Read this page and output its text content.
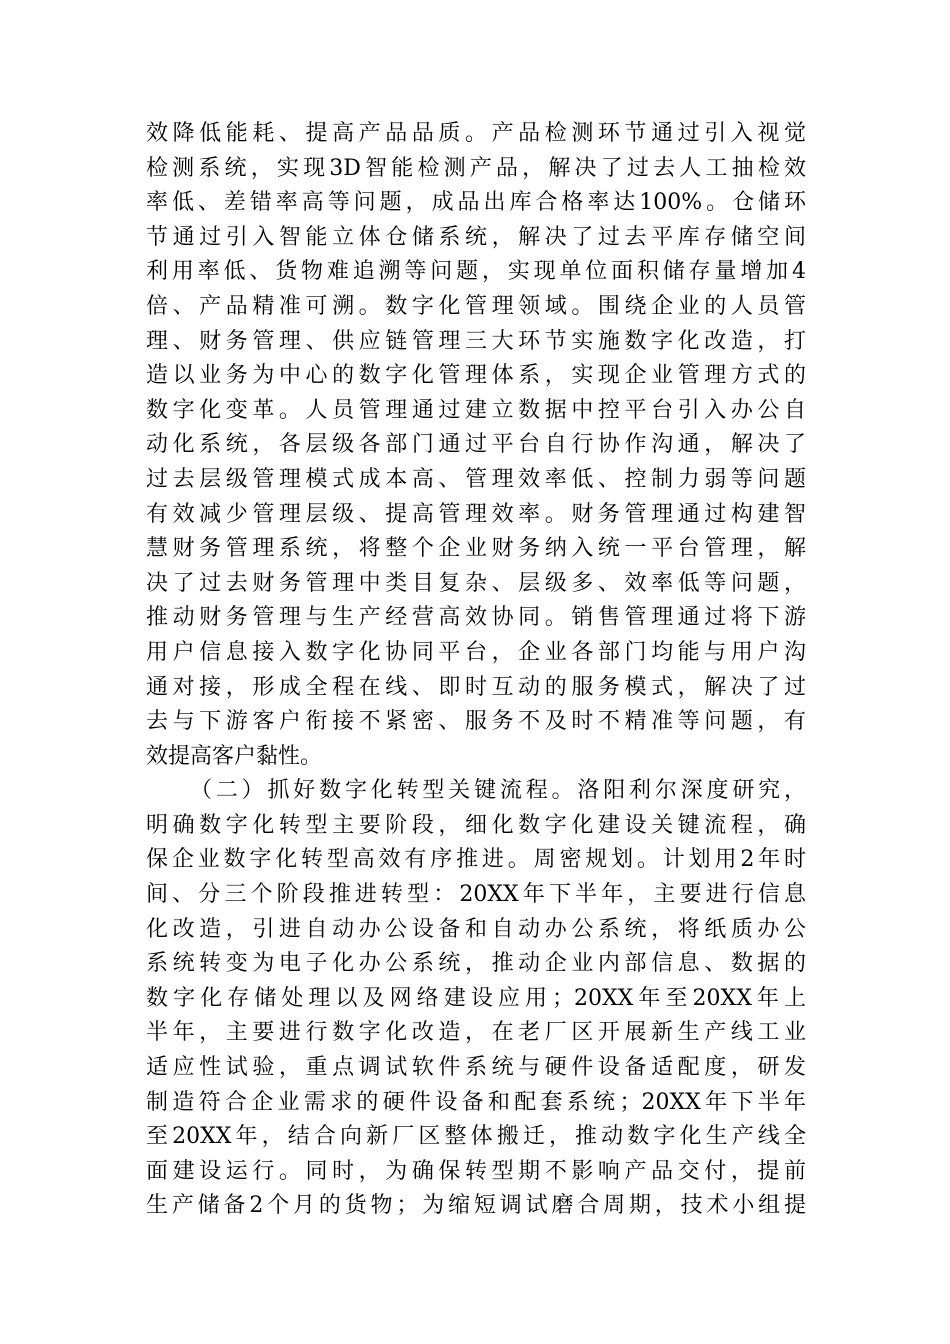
效降低能耗、提高产品品质。产品检测环节通过引入视觉
检测系统，实现3D智能检测产品，解决了过去人工抽检效
率低、差错率高等问题，成品出库合格率达100%。仓储环
节通过引入智能立体仓储系统，解决了过去平库存储空间
利用率低、货物难追溯等问题，实现单位面积储存量增加4
倍、产品精准可溯。数字化管理领域。围绕企业的人员管
理、财务管理、供应链管理三大环节实施数字化改造，打
造以业务为中心的数字化管理体系，实现企业管理方式的
数字化变革。人员管理通过建立数据中控平台引入办公自
动化系统，各层级各部门通过平台自行协作沟通，解决了
过去层级管理模式成本高、管理效率低、控制力弱等问题
有效减少管理层级、提高管理效率。财务管理通过构建智
慧财务管理系统，将整个企业财务纳入统一平台管理，解
决了过去财务管理中类目复杂、层级多、效率低等问题，
推动财务管理与生产经营高效协同。销售管理通过将下游
用户信息接入数字化协同平台，企业各部门均能与用户沟
通对接，形成全程在线、即时互动的服务模式，解决了过
去与下游客户衔接不紧密、服务不及时不精准等问题，有
效提高客户黏性。
（二）抓好数字化转型关键流程。洛阳利尔深度研究，
明确数字化转型主要阶段，细化数字化建设关键流程，确
保企业数字化转型高效有序推进。周密规划。计划用2年时
间、分三个阶段推进转型：20XX年下半年，主要进行信息
化改造，引进自动办公设备和自动办公系统，将纸质办公
系统转变为电子化办公系统，推动企业内部信息、数据的
数字化存储处理以及网络建设应用；20XX年至20XX年上
半年，主要进行数字化改造，在老厂区开展新生产线工业
适应性试验，重点调试软件系统与硬件设备适配度，研发
制造符合企业需求的硬件设备和配套系统；20XX年下半年
至20XX年，结合向新厂区整体搬迁，推动数字化生产线全
面建设运行。同时，为确保转型期不影响产品交付，提前
生产储备2个月的货物；为缩短调试磨合周期，技术小组提
